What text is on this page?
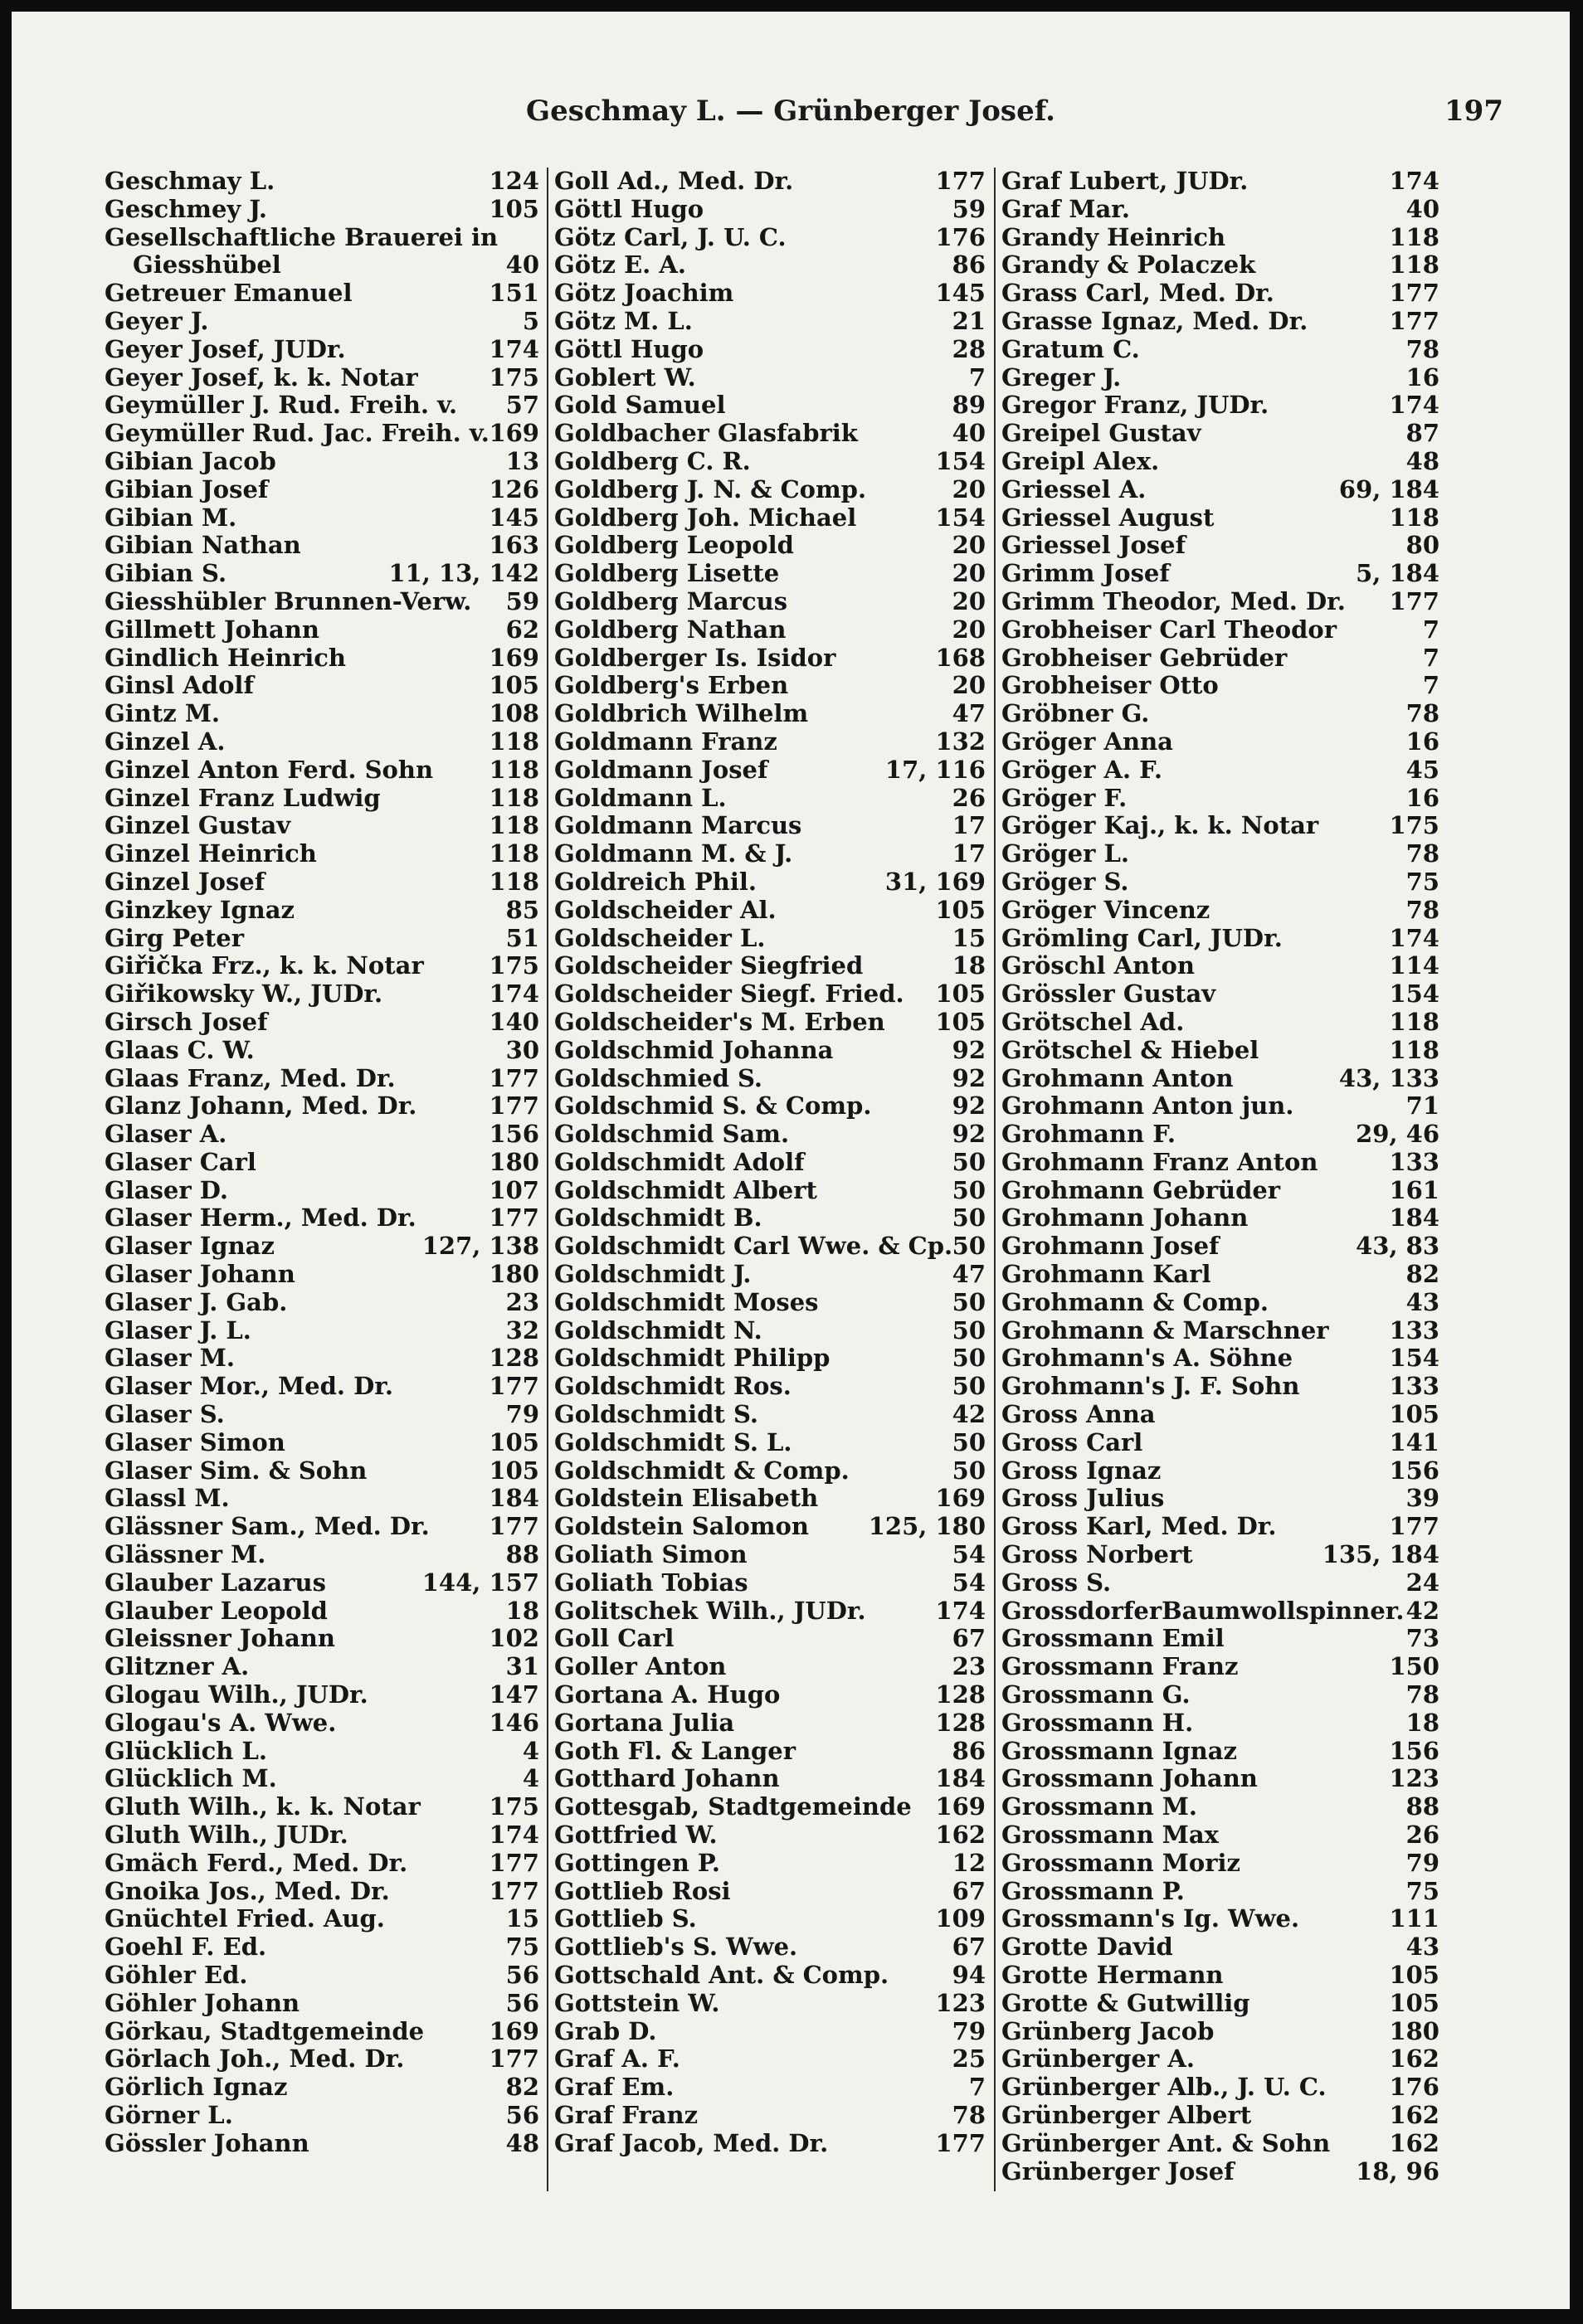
Geschmay L. — Grünberger Josef.	197
Geschmay L.	124
Geschmey J.	105
Gesellschaftliche Brauerei in
Giesshübel	40
Getreuer Emanuel	151
Geyer J.	5
Geyer Josef, JUDr.	174
Geyer Josef, k. k. Notar	175
Geymüller J. Rud. Freih. v. 57
Geymüller Rud. Jac. Freih. v. 169
Gibian Jacob	13
Gibian Josef	126
Gibian M.	145
Gibian Nathan	163
Gibian S.	11, 13, 142
Giesshübler Brunnen-Verw. 59
Gillmett Johann	62
Gindlich Heinrich	169
Ginsl Adolf	105
Gintz M.	108
Ginzel A.	118
Ginzel Anton Ferd. Sohn 118
Ginzel Franz Ludwig	118
Ginzel Gustav	118
Ginzel Heinrich	118
Ginzel Josef	118
Ginzkey Ignaz	85
Girg Peter	51
Giřička Frz., k. k. Notar	175
Giřikowsky W., JUDr.	174
Girsch Josef	140
Glaas C. W.	30
Glaas Franz, Med. Dr.	177
Glanz Johann, Med. Dr.	177
Glaser A.	156
Glaser Carl	180
Glaser D.	107
Glaser Herm., Med. Dr.	177
Glaser Ignaz	127, 138
Glaser Johann	180
Glaser J. Gab.	23
Glaser J. L.	32
Glaser M.	128
Glaser Mor., Med. Dr.	177
Glaser S.	79
Glaser Simon	105
Glaser Sim. & Sohn	105
Glassl M.	184
Glässner Sam., Med. Dr. 177
Glässner M.	88
Glauber Lazarus	144, 157
Glauber Leopold	18
Gleissner Johann	102
Glitzner A.	31
Glogau Wilh., JUDr.	147
Glogau's A. Wwe.	146
Glücklich L.	4
Glücklich M.	4
Gluth Wilh., k. k. Notar	175
Gluth Wilh., JUDr.	174
Gmäch Ferd., Med. Dr.	177
Gnoika Jos., Med. Dr.	177
Gnüchtel Fried. Aug.	15
Goehl F. Ed.	75
Göhler Ed.	56
Göhler Johann	56
Görkau, Stadtgemeinde	169
Görlach Joh., Med. Dr.	177
Görlich Ignaz	82
Görner L.	56
Gössler Johann	48
Goll Ad., Med. Dr.	177
Göttl Hugo	59
Götz Carl, J. U. C.	176
Götz E. A.	86
Götz Joachim	145
Götz M. L.	21
Göttl Hugo	28
Goblert W.	7
Gold Samuel	89
Goldbacher Glasfabrik	40
Goldberg C. R.	154
Goldberg J. N. & Comp.	20
Goldberg Joh. Michael	154
Goldberg Leopold	20
Goldberg Lisette	20
Goldberg Marcus	20
Goldberg Nathan	20
Goldberger Is. Isidor	168
Goldberg's Erben	20
Goldbrich Wilhelm	47
Goldmann Franz	132
Goldmann Josef	17, 116
Goldmann L.	26
Goldmann Marcus	17
Goldmann M. & J.	17
Goldreich Phil.	31, 169
Goldscheider Al.	105
Goldscheider L.	15
Goldscheider Siegfried	18
Goldscheider Siegf. Fried. 105
Goldscheider's M. Erben 105
Goldschmid Johanna	92
Goldschmied S.	92
Goldschmid S. & Comp.	92
Goldschmid Sam.	92
Goldschmidt Adolf	50
Goldschmidt Albert	50
Goldschmidt B.	50
Goldschmidt Carl Wwe. & Cp. 50
Goldschmidt J.	47
Goldschmidt Moses	50
Goldschmidt N.	50
Goldschmidt Philipp	50
Goldschmidt Ros.	50
Goldschmidt S.	42
Goldschmidt S. L.	50
Goldschmidt & Comp.	50
Goldstein Elisabeth	169
Goldstein Salomon 125, 180
Goliath Simon	54
Goliath Tobias	54
Golitschek Wilh., JUDr.	174
Goll Carl	67
Goller Anton	23
Gortana A. Hugo	128
Gortana Julia	128
Goth Fl. & Langer	86
Gotthard Johann	184
Gottesgab, Stadtgemeinde 169
Gottfried W.	162
Gottingen P.	12
Gottlieb Rosi	67
Gottlieb S.	109
Gottlieb's S. Wwe.	67
Gottschald Ant. & Comp.	94
Gottstein W.	123
Grab D.	79
Graf A. F.	25
Graf Em.	7
Graf Franz	78
Graf Jacob, Med. Dr.	177
Graf Lubert, JUDr.	174
Graf Mar.	40
Grandy Heinrich	118
Grandy & Polaczek	118
Grass Carl, Med. Dr.	177
Grasse Ignaz, Med. Dr.	177
Gratum C.	78
Greger J.	16
Gregor Franz, JUDr.	174
Greipel Gustav	87
Greipl Alex.	48
Griessel A.	69, 184
Griessel August	118
Griessel Josef	80
Grimm Josef	5, 184
Grimm Theodor, Med. Dr. 177
Grobheiser Carl Theodor	7
Grobheiser Gebrüder	7
Grobheiser Otto	7
Gröbner G.	78
Gröger Anna	16
Gröger A. F.	45
Gröger F.	16
Gröger Kaj., k. k. Notar	175
Gröger L.	78
Gröger S.	75
Gröger Vincenz	78
Grömling Carl, JUDr.	174
Gröschl Anton	114
Grössler Gustav	154
Grötschel Ad.	118
Grötschel & Hiebel	118
Grohmann Anton	43, 133
Grohmann Anton jun.	71
Grohmann F.	29, 46
Grohmann Franz Anton	133
Grohmann Gebrüder	161
Grohmann Johann	184
Grohmann Josef	43, 83
Grohmann Karl	82
Grohmann & Comp.	43
Grohmann & Marschner	133
Grohmann's A. Söhne	154
Grohmann's J. F. Sohn	133
Gross Anna	105
Gross Carl	141
Gross Ignaz	156
Gross Julius	39
Gross Karl, Med. Dr.	177
Gross Norbert	135, 184
Gross S.	24
GrossdorferBaumwollspinner. 42
Grossmann Emil	73
Grossmann Franz	150
Grossmann G.	78
Grossmann H.	18
Grossmann Ignaz	156
Grossmann Johann	123
Grossmann M.	88
Grossmann Max	26
Grossmann Moriz	79
Grossmann P.	75
Grossmann's Ig. Wwe.	111
Grotte David	43
Grotte Hermann	105
Grotte & Gutwillig	105
Grünberg Jacob	180
Grünberger A.	162
Grünberger Alb., J. U. C.	176
Grünberger Albert	162
Grünberger Ant. & Sohn 162
Grünberger Josef	18, 96
